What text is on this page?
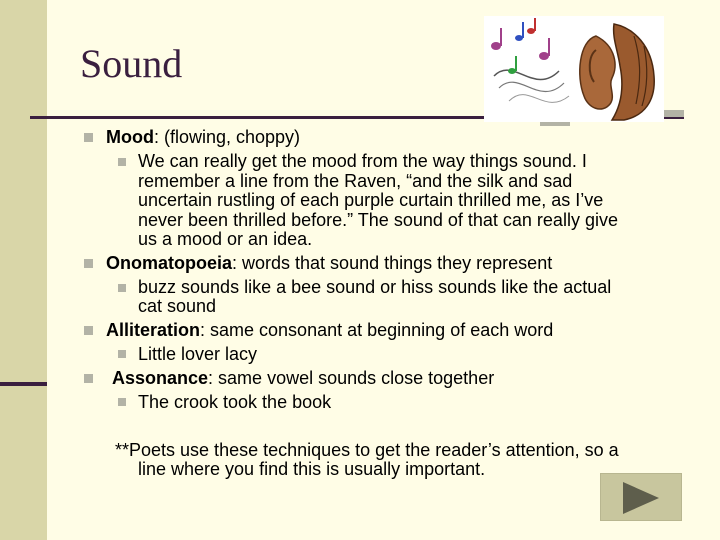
Sound
Mood: (flowing, choppy)
We can really get the mood from the way things sound. I
remember a line from the Raven, “and the silk and sad
uncertain rustling of each purple curtain thrilled me, as I’ve
never been thrilled before.” The sound of that can really give
us a mood or an idea.
Onomatopoeia: words that sound things they represent
buzz sounds like a bee sound or hiss sounds like the actual
cat sound
Alliteration: same consonant at beginning of each word
Little lover lacy
Assonance: same vowel sounds close together
The crook took the book
**Poets use these techniques to get the reader’s attention, so a
line where you find this is usually important.
